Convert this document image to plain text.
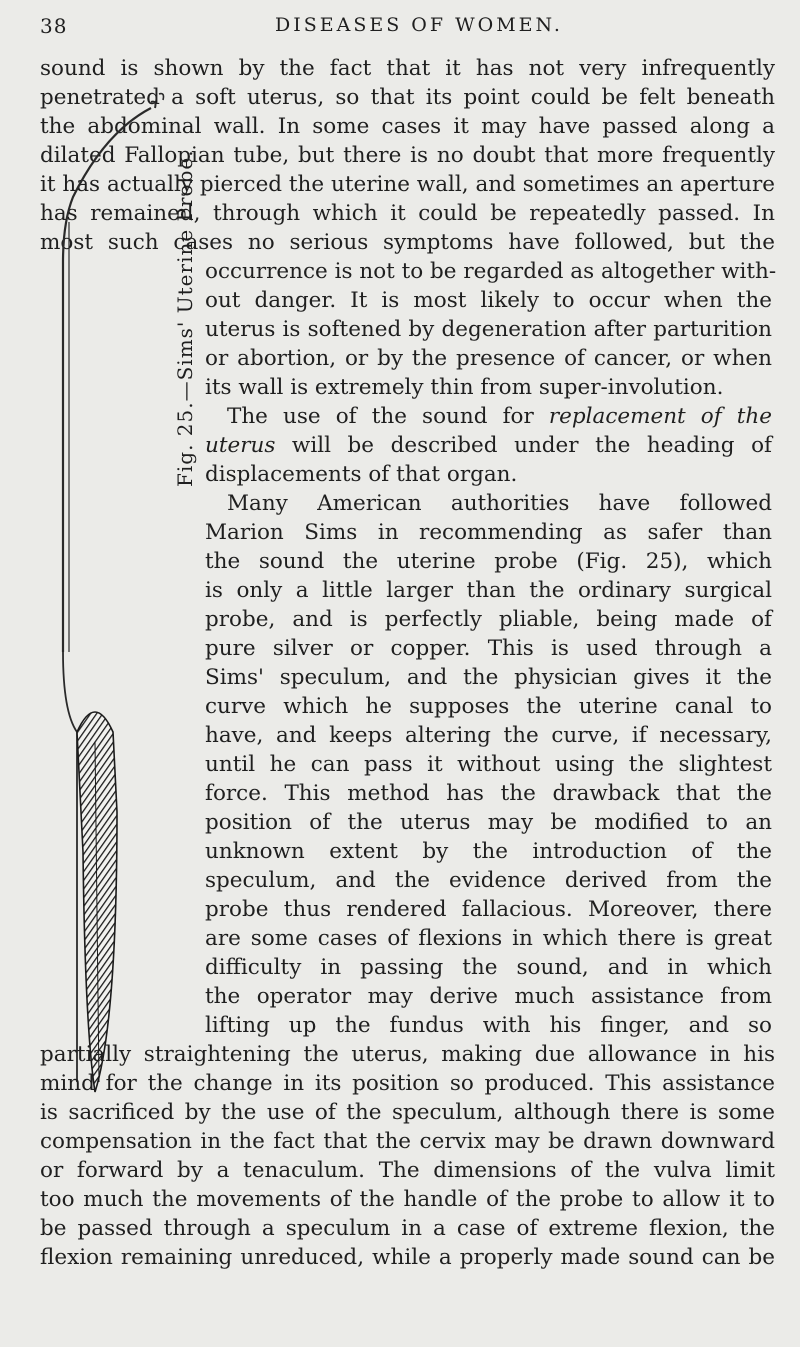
38	DISEASES OF WOMEN.
sound is shown by the fact that it has not very infrequently
penetrated a soft uterus, so that its point could be felt beneath
the abdominal wall. In some cases it may have passed along a
dilated Fallopian tube, but there is no doubt that more frequently
it has actually pierced the uterine wall, and sometimes an aperture
has remained, through which it could be repeatedly passed. In
most such cases no serious symptoms have followed, but the
Fig. 25.—Sims' Uterine Probe. occurrence is not to be regarded as altogether with-
out danger. It is most likely to occur when the
uterus is softened by degeneration after parturition
or abortion, or by the presence of cancer, or when
its wall is extremely thin from super-involution.
The use of the sound for replacement of the
uterus will be described under the heading of
displacements of that organ.
Many American authorities have followed
Marion Sims in recommending as safer than
the sound the uterine probe (Fig. 25), which
is only a little larger than the ordinary surgical
probe, and is perfectly pliable, being made of
pure silver or copper. This is used through a
Sims' speculum, and the physician gives it the
curve which he supposes the uterine canal to
have, and keeps altering the curve, if necessary,
until he can pass it without using the slightest
force. This method has the drawback that the
position of the uterus may be modified to an
unknown extent by the introduction of the
speculum, and the evidence derived from the
probe thus rendered fallacious. Moreover, there
are some cases of flexions in which there is great
difficulty in passing the sound, and in which
the operator may derive much assistance from
lifting up the fundus with his finger, and so
partially straightening the uterus, making due allowance in his
mind for the change in its position so produced. This assistance
is sacrificed by the use of the speculum, although there is some
compensation in the fact that the cervix may be drawn downward
or forward by a tenaculum. The dimensions of the vulva limit
too much the movements of the handle of the probe to allow it to
be passed through a speculum in a case of extreme flexion, the
flexion remaining unreduced, while a properly made sound can be
